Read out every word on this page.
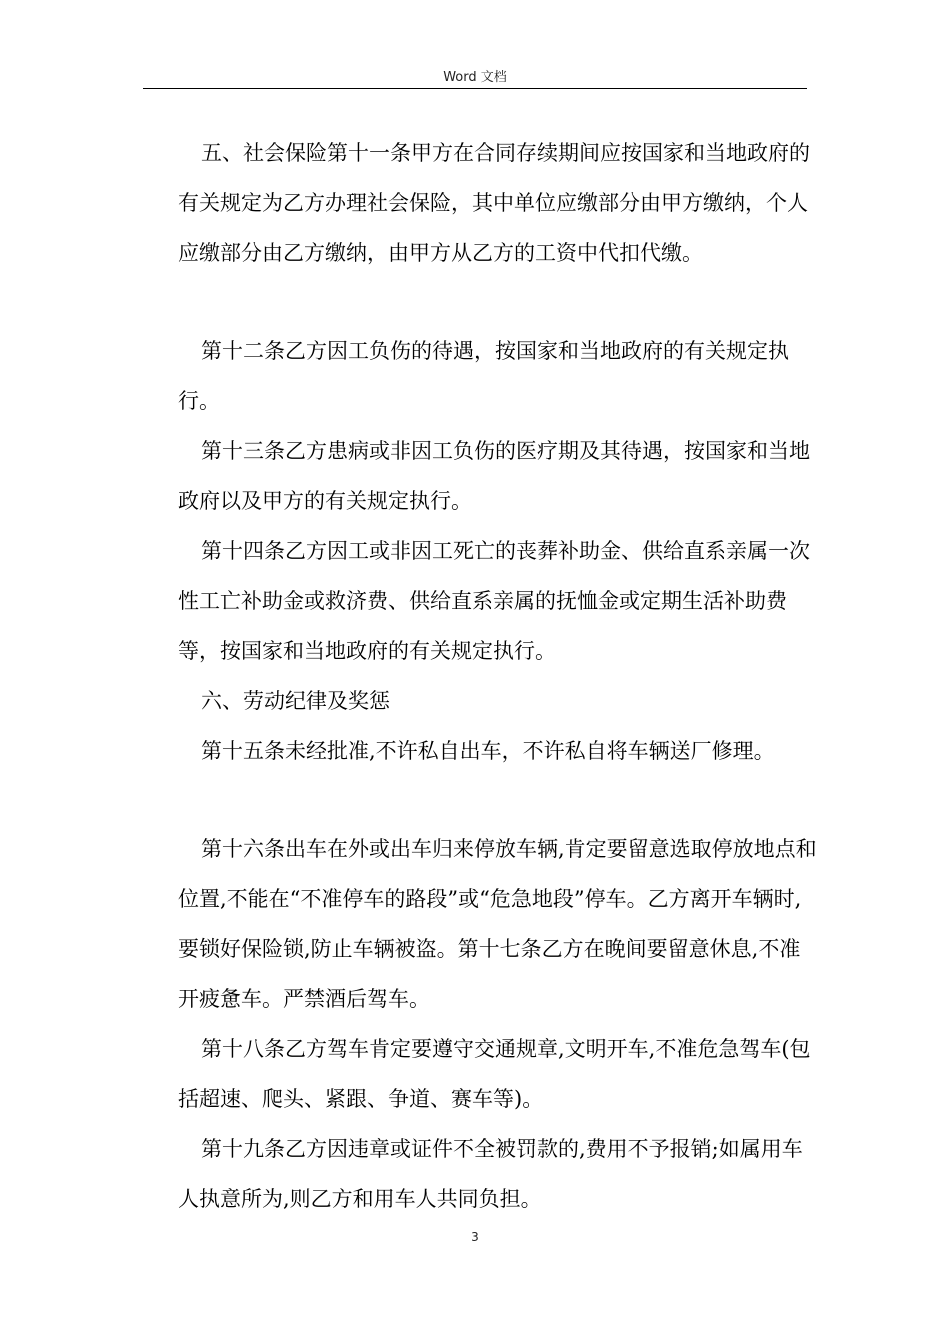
Word 文档

五、社会保险第十一条甲方在合同存续期间应按国家和当地政府的有关规定为乙方办理社会保险，其中单位应缴部分由甲方缴纳，个人应缴部分由乙方缴纳，由甲方从乙方的工资中代扣代缴。

第十二条乙方因工负伤的待遇，按国家和当地政府的有关规定执行。

第十三条乙方患病或非因工负伤的医疗期及其待遇，按国家和当地政府以及甲方的有关规定执行。

第十四条乙方因工或非因工死亡的丧葬补助金、供给直系亲属一次性工亡补助金或救济费、供给直系亲属的抚恤金或定期生活补助费等，按国家和当地政府的有关规定执行。

六、劳动纪律及奖惩

第十五条未经批准,不许私自出车，不许私自将车辆送厂修理。

第十六条出车在外或出车归来停放车辆,肯定要留意选取停放地点和位置,不能在“不准停车的路段”或“危急地段”停车。乙方离开车辆时,要锁好保险锁,防止车辆被盗。第十七条乙方在晚间要留意休息,不准开疲惫车。严禁酒后驾车。

第十八条乙方驾车肯定要遵守交通规章,文明开车,不准危急驾车(包括超速、爬头、紧跟、争道、赛车等)。

第十九条乙方因违章或证件不全被罚款的,费用不予报销;如属用车人执意所为,则乙方和用车人共同负担。

3
